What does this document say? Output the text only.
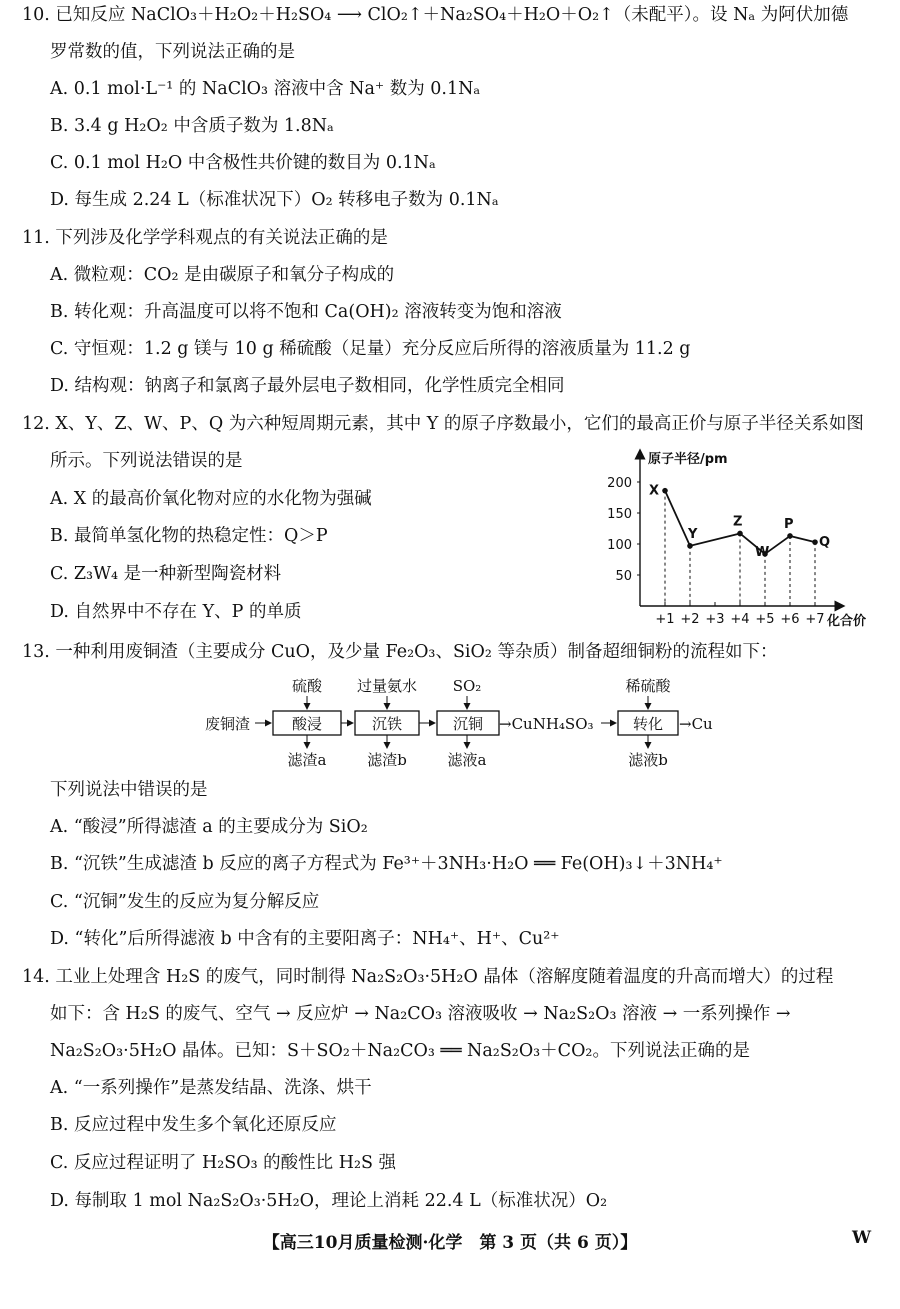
10. 已知反应 NaClO₃＋H₂O₂＋H₂SO₄ ⟶ ClO₂↑＋Na₂SO₄＋H₂O＋O₂↑（未配平）。设 Nₐ 为阿伏加德
罗常数的值，下列说法正确的是
A. 0.1 mol·L⁻¹ 的 NaClO₃ 溶液中含 Na⁺ 数为 0.1Nₐ
B. 3.4 g H₂O₂ 中含质子数为 1.8Nₐ
C. 0.1 mol H₂O 中含极性共价键的数目为 0.1Nₐ
D. 每生成 2.24 L（标准状况下）O₂ 转移电子数为 0.1Nₐ
11. 下列涉及化学学科观点的有关说法正确的是
A. 微粒观：CO₂ 是由碳原子和氧分子构成的
B. 转化观：升高温度可以将不饱和 Ca(OH)₂ 溶液转变为饱和溶液
C. 守恒观：1.2 g 镁与 10 g 稀硫酸（足量）充分反应后所得的溶液质量为 11.2 g
D. 结构观：钠离子和氯离子最外层电子数相同，化学性质完全相同
12. X、Y、Z、W、P、Q 为六种短周期元素，其中 Y 的原子序数最小，它们的最高正价与原子半径关系如图
所示。下列说法错误的是
A. X 的最高价氧化物对应的水化物为强碱
B. 最简单氢化物的热稳定性：Q＞P
C. Z₃W₄ 是一种新型陶瓷材料
D. 自然界中不存在 Y、P 的单质
原子半径/pm
化合价
200
150
100
50
+1 +2 +3 +4 +5 +6 +7
X
Y
Z
W
P
Q
13. 一种利用废铜渣（主要成分 CuO，及少量 Fe₂O₃、SiO₂ 等杂质）制备超细铜粉的流程如下：
废铜渣
硫酸 过量氨水 SO₂	稀硫酸
酸浸	沉铁	沉铜	转化
→CuNH₄SO₃	→Cu
滤渣a	滤渣b	滤液a	滤液b
下列说法中错误的是
A. “酸浸”所得滤渣 a 的主要成分为 SiO₂
B. “沉铁”生成滤渣 b 反应的离子方程式为 Fe³⁺＋3NH₃·H₂O ══ Fe(OH)₃↓＋3NH₄⁺
C. “沉铜”发生的反应为复分解反应
D. “转化”后所得滤液 b 中含有的主要阳离子：NH₄⁺、H⁺、Cu²⁺
14. 工业上处理含 H₂S 的废气，同时制得 Na₂S₂O₃·5H₂O 晶体（溶解度随着温度的升高而增大）的过程
如下：含 H₂S 的废气、空气 → 反应炉 → Na₂CO₃ 溶液吸收 → Na₂S₂O₃ 溶液 → 一系列操作 →
Na₂S₂O₃·5H₂O 晶体。已知：S＋SO₂＋Na₂CO₃ ══ Na₂S₂O₃＋CO₂。下列说法正确的是
A. “一系列操作”是蒸发结晶、洗涤、烘干
B. 反应过程中发生多个氧化还原反应
C. 反应过程证明了 H₂SO₃ 的酸性比 H₂S 强
D. 每制取 1 mol Na₂S₂O₃·5H₂O，理论上消耗 22.4 L（标准状况）O₂
【高三10月质量检测·化学　第 3 页（共 6 页）】	W
